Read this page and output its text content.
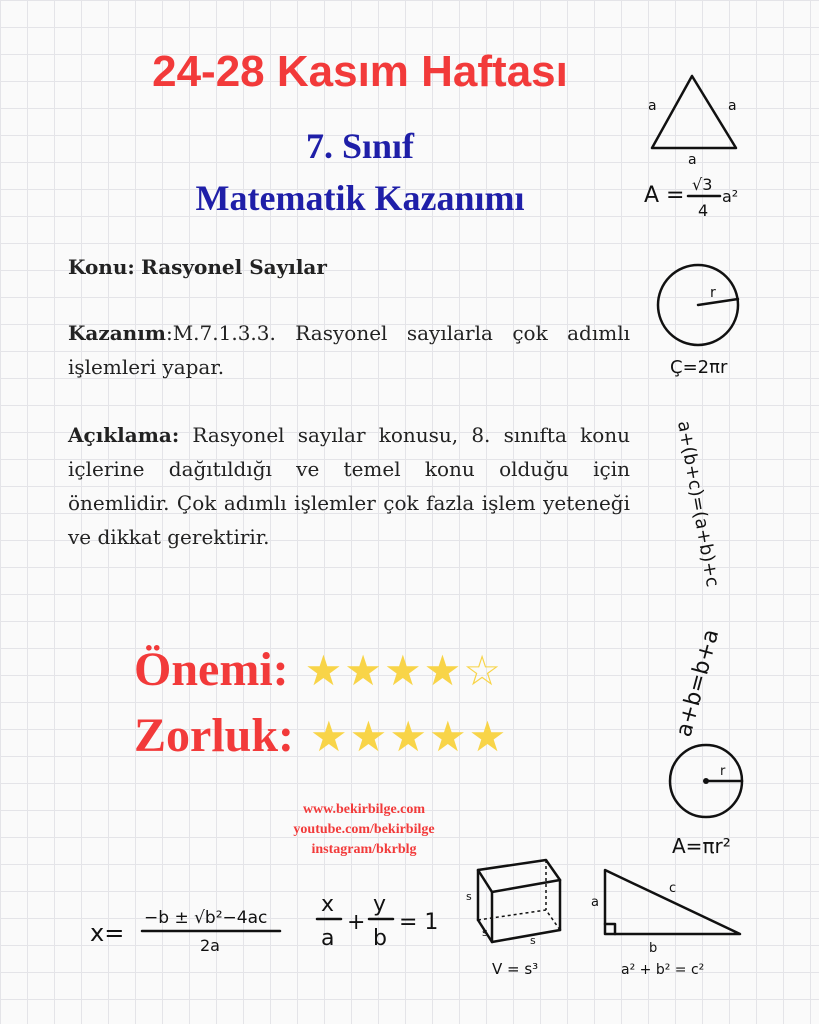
24-28 Kasım Haftası
7. Sınıf
Matematik Kazanımı
Konu: Rasyonel Sayılar
Kazanım:M.7.1.3.3. Rasyonel sayılarla çok adımlı işlemleri yapar.
Açıklama: Rasyonel sayılar konusu, 8. sınıfta konu içlerine dağıtıldığı ve temel konu olduğu için önemlidir. Çok adımlı işlemler çok fazla işlem yeteneği ve dikkat gerektirir.
Önemi: ★★★★☆
Zorluk: ★★★★★
www.bekirbilge.com
youtube.com/bekirbilge
instagram/bkrblg
a	a
a
A = √3
4
a²
r
Ç=2πr
a+(b+c)=(a+b)+c
a+b=b+a
r
A=πr²
x=
−b ± √b²−4ac
2a
x
a
+
y
b
= 1
s
s
s
V = s³
a
c
b
a² + b² = c²
